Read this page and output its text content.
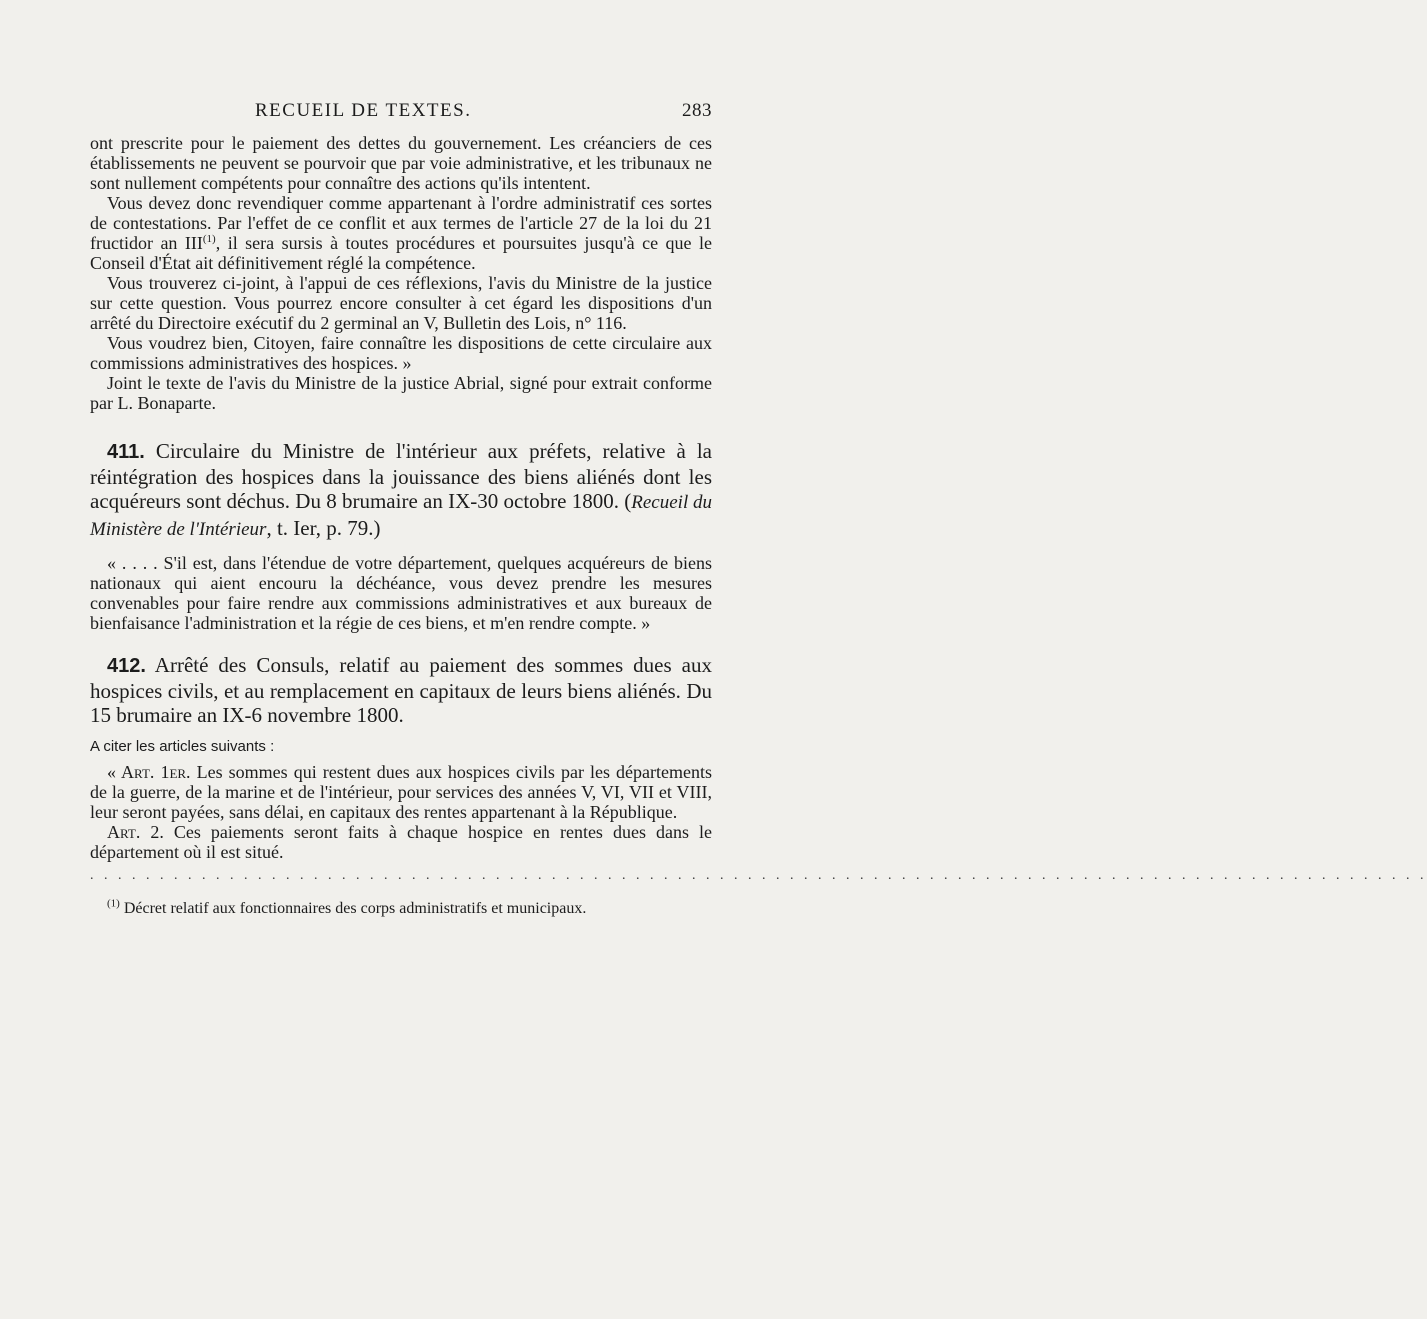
RECUEIL DE TEXTES.	283

ont prescrite pour le paiement des dettes du gouvernement. Les créanciers de ces établissements ne peuvent se pourvoir que par voie administrative, et les tribunaux ne sont nullement compétents pour connaître des actions qu'ils intentent.

Vous devez donc revendiquer comme appartenant à l'ordre administratif ces sortes de contestations. Par l'effet de ce conflit et aux termes de l'article 27 de la loi du 21 fructidor an III$^{(1)}$, il sera sursis à toutes procédures et poursuites jusqu'à ce que le Conseil d'État ait définitivement réglé la compétence.

Vous trouverez ci-joint, à l'appui de ces réflexions, l'avis du Ministre de la justice sur cette question. Vous pourrez encore consulter à cet égard les dispositions d'un arrêté du Directoire exécutif du 2 germinal an V, Bulletin des Lois, n° 116.

Vous voudrez bien, Citoyen, faire connaître les dispositions de cette circulaire aux commissions administratives des hospices. »

Joint le texte de l'avis du Ministre de la justice Abrial, signé pour extrait conforme par L. Bonaparte.

411. Circulaire du Ministre de l'intérieur aux préfets, relative à la réintégration des hospices dans la jouissance des biens aliénés dont les acquéreurs sont déchus. Du 8 brumaire an IX-30 octobre 1800. (Recueil du Ministère de l'Intérieur, t. Ier, p. 79.)

« . . . . S'il est, dans l'étendue de votre département, quelques acquéreurs de biens nationaux qui aient encouru la déchéance, vous devez prendre les mesures convenables pour faire rendre aux commissions administratives et aux bureaux de bienfaisance l'administration et la régie de ces biens, et m'en rendre compte. »

412. Arrêté des Consuls, relatif au paiement des sommes dues aux hospices civils, et au remplacement en capitaux de leurs biens aliénés. Du 15 brumaire an IX-6 novembre 1800.

A citer les articles suivants :

« Art. 1er. Les sommes qui restent dues aux hospices civils par les départements de la guerre, de la marine et de l'intérieur, pour services des années V, VI, VII et VIII, leur seront payées, sans délai, en capitaux des rentes appartenant à la République.

Art. 2. Ces paiements seront faits à chaque hospice en rentes dues dans le département où il est situé.

. . . . . . . . . . . . . . . . . . . . . . . . . . . . . . . . . . . . . . . . . . . . . . . . . . . . . . . . . . . . . . . . . . . . . . . . . . . . . . . . . . . . . . . . . . . . . . . .

$^{(1)}$ Décret relatif aux fonctionnaires des corps administratifs et municipaux.
